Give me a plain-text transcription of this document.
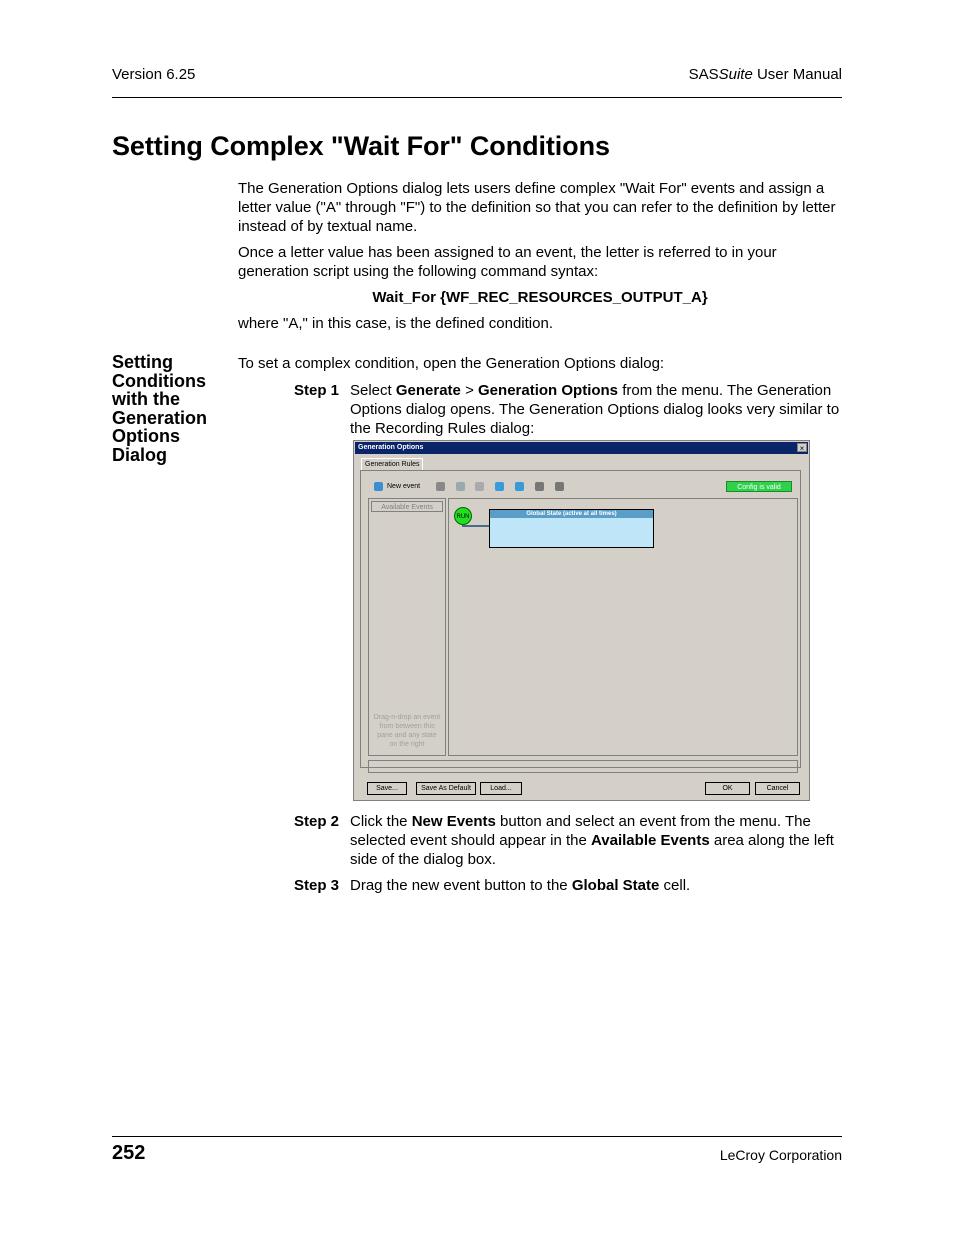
Version 6.25	SASSuite User Manual
Setting Complex "Wait For" Conditions
The Generation Options dialog lets users define complex "Wait For" events and assign a letter value ("A" through "F") to the definition so that you can refer to the definition by letter instead of by textual name.
Once a letter value has been assigned to an event, the letter is referred to in your generation script using the following command syntax:
Wait_For {WF_REC_RESOURCES_OUTPUT_A}
where "A," in this case, is the defined condition.
Setting Conditions with the Generation Options Dialog
To set a complex condition, open the Generation Options dialog:
Step 1 Select Generate > Generation Options from the menu. The Generation Options dialog opens. The Generation Options dialog looks very similar to the Recording Rules dialog:
Generation Options	×
Generation Rules
New event	Config is valid
Available Events
Drag-n-drop an event from between this pane and any state on the right
RUN	Global State (active at all times)
Save...	Save As Default	Load...	OK	Cancel
Step 2 Click the New Events button and select an event from the menu. The selected event should appear in the Available Events area along the left side of the dialog box.
Step 3 Drag the new event button to the Global State cell.
252	LeCroy Corporation
